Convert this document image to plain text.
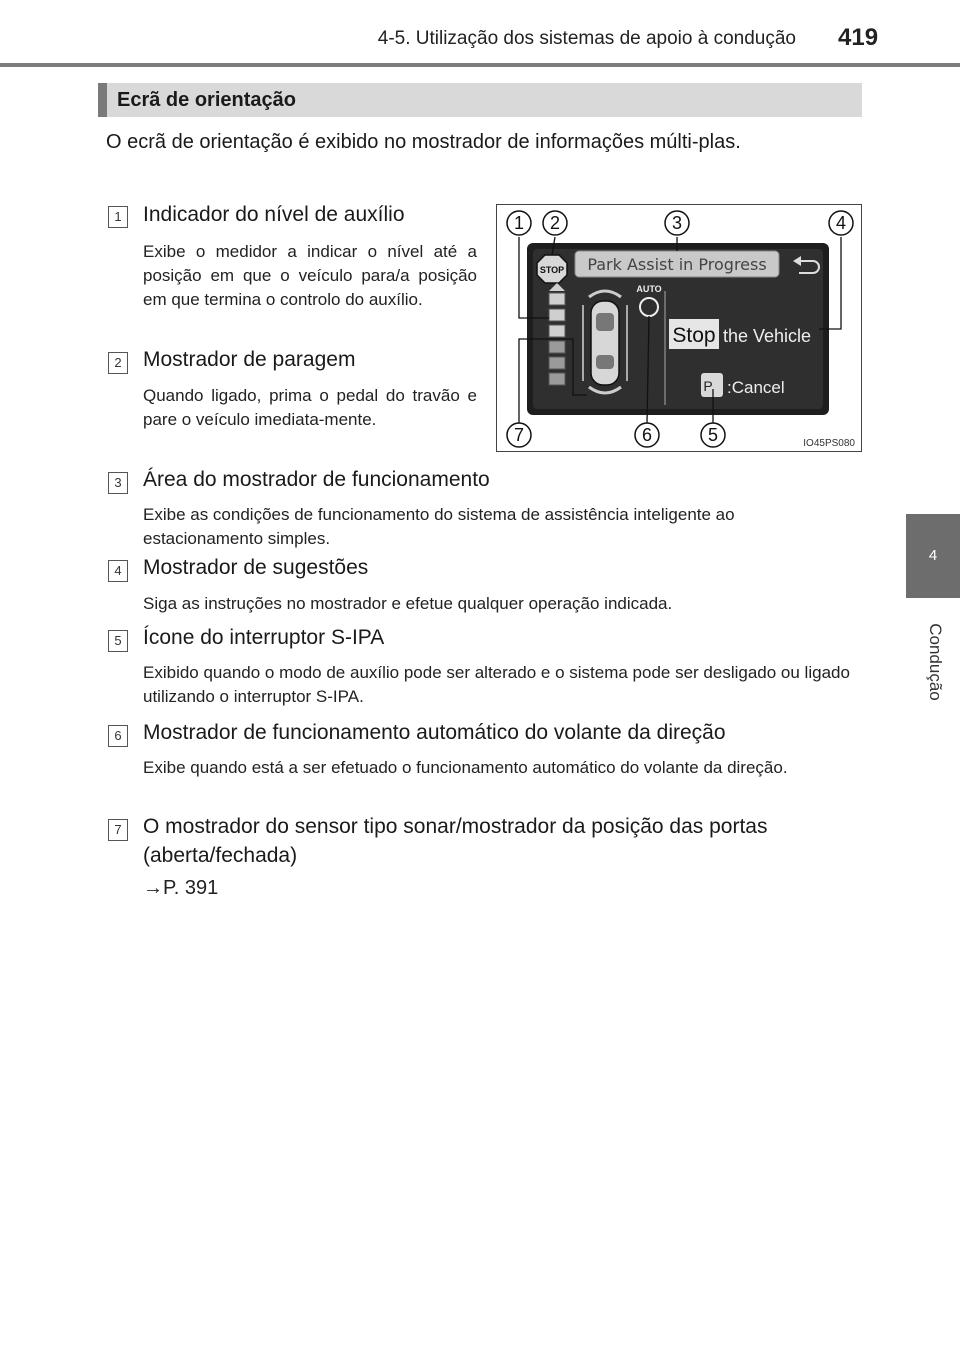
4-5. Utilização dos sistemas de apoio à condução 419
4
Condução
Ecrã de orientação
O ecrã de orientação é exibido no mostrador de informações múlti-plas.
STOP Park Assist in Progress
AUTO
Stop the Vehicle
P :Cancel
1 2	3	4
5
6
7	IO45PS080
1	Indicador do nível de auxílio
Exibe o medidor a indicar o nível até a posição em que o veículo para/a posição em que termina o controlo do auxílio.
2	Mostrador de paragem
Quando ligado, prima o pedal do travão e pare o veículo imediata-mente.
3	Área do mostrador de funcionamento
Exibe as condições de funcionamento do sistema de assistência inteligente ao estacionamento simples.
4	Mostrador de sugestões
Siga as instruções no mostrador e efetue qualquer operação indicada.
5	Ícone do interruptor S-IPA
Exibido quando o modo de auxílio pode ser alterado e o sistema pode ser desligado ou ligado utilizando o interruptor S-IPA.
6	Mostrador de funcionamento automático do volante da direção
Exibe quando está a ser efetuado o funcionamento automático do volante da direção.
7	O mostrador do sensor tipo sonar/mostrador da posição das portas (aberta/fechada)
→P. 391
